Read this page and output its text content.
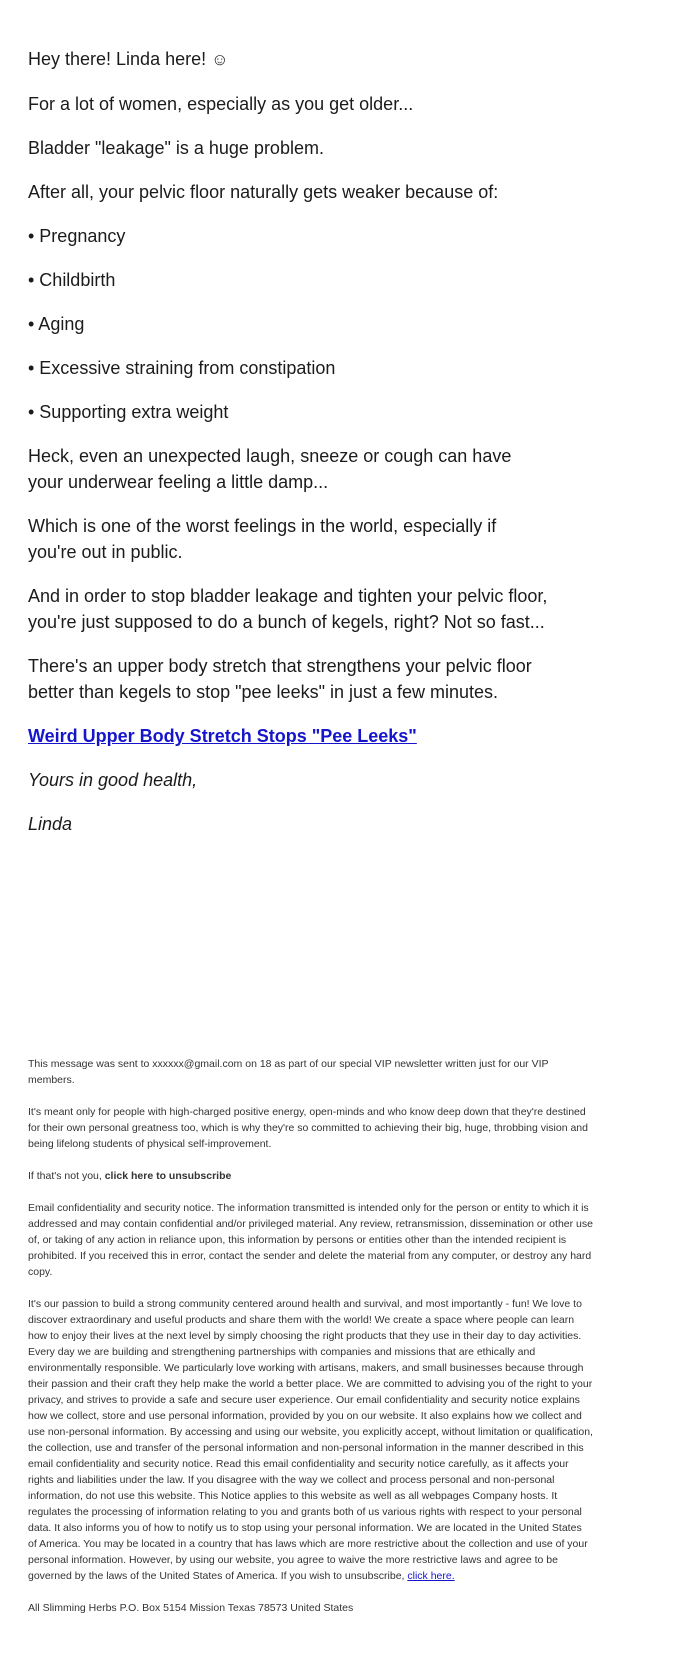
Hey there! Linda here! ☺

For a lot of women, especially as you get older...

Bladder "leakage" is a huge problem.

After all, your pelvic floor naturally gets weaker because of:

• Pregnancy

• Childbirth

• Aging

• Excessive straining from constipation

• Supporting extra weight

Heck, even an unexpected laugh, sneeze or cough can have your underwear feeling a little damp...

Which is one of the worst feelings in the world, especially if you're out in public.

And in order to stop bladder leakage and tighten your pelvic floor, you're just supposed to do a bunch of kegels, right? Not so fast...

There's an upper body stretch that strengthens your pelvic floor better than kegels to stop "pee leeks" in just a few minutes.

Weird Upper Body Stretch Stops "Pee Leeks"

Yours in good health,

Linda

This message was sent to xxxxxx@gmail.com on 18 as part of our special VIP newsletter written just for our VIP members.

It's meant only for people with high-charged positive energy, open-minds and who know deep down that they're destined for their own personal greatness too, which is why they're so committed to achieving their big, huge, throbbing vision and being lifelong students of physical self-improvement.

If that's not you, click here to unsubscribe

Email confidentiality and security notice. The information transmitted is intended only for the person or entity to which it is addressed and may contain confidential and/or privileged material. Any review, retransmission, dissemination or other use of, or taking of any action in reliance upon, this information by persons or entities other than the intended recipient is prohibited. If you received this in error, contact the sender and delete the material from any computer, or destroy any hard copy.

It's our passion to build a strong community centered around health and survival, and most importantly - fun! We love to discover extraordinary and useful products and share them with the world! We create a space where people can learn how to enjoy their lives at the next level by simply choosing the right products that they use in their day to day activities. Every day we are building and strengthening partnerships with companies and missions that are ethically and environmentally responsible. We particularly love working with artisans, makers, and small businesses because through their passion and their craft they help make the world a better place. We are committed to advising you of the right to your privacy, and strives to provide a safe and secure user experience. Our email confidentiality and security notice explains how we collect, store and use personal information, provided by you on our website. It also explains how we collect and use non-personal information. By accessing and using our website, you explicitly accept, without limitation or qualification, the collection, use and transfer of the personal information and non-personal information in the manner described in this email confidentiality and security notice. Read this email confidentiality and security notice carefully, as it affects your rights and liabilities under the law. If you disagree with the way we collect and process personal and non-personal information, do not use this website. This Notice applies to this website as well as all webpages Company hosts. It regulates the processing of information relating to you and grants both of us various rights with respect to your personal data. It also informs you of how to notify us to stop using your personal information. We are located in the United States of America. You may be located in a country that has laws which are more restrictive about the collection and use of your personal information. However, by using our website, you agree to waive the more restrictive laws and agree to be governed by the laws of the United States of America. If you wish to unsubscribe, click here.

All Slimming Herbs P.O. Box 5154 Mission Texas 78573 United States
